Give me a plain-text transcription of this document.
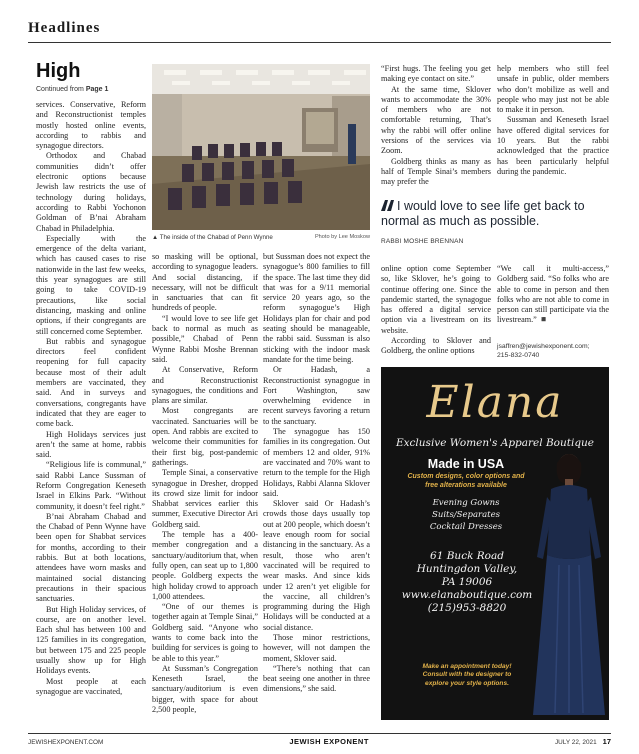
Headlines
High
Continued from Page 1

services. Conservative, Reform and Reconstructionist temples mostly hosted online events, according to rabbis and synagogue directors.

Orthodox and Chabad communities didn’t offer electronic options because Jewish law restricts the use of technology during holidays, according to Rabbi Yochonon Goldman of B’nai Abraham Chabad in Philadelphia.

Especially with the emergence of the delta variant, which has caused cases to rise nationwide in the last few weeks, this year synagogues are still going to take COVID-19 precautions, like social distancing, masking and online options, if their congregants are still concerned come September.

But rabbis and synagogue directors feel confident reopening for full capacity because most of their adult members are vaccinated, they said. And in surveys and conversations, congregants have indicated that they are eager to come back.

High Holidays services just aren’t the same at home, rabbis said.

“Religious life is communal,” said Rabbi Lance Sussman of Reform Congregation Keneseth Israel in Elkins Park. “Without community, it doesn’t feel right.”

B’nai Abraham Chabad and the Chabad of Penn Wynne have been open for Shabbat services for months, according to their rabbis. But at both locations, attendees have worn masks and maintained social distancing precautions in their spacious sanctuaries.

But High Holiday services, of course, are on another level. Each shul has between 100 and 125 families in its congregation, but between 175 and 225 people usually show up for High Holidays events.

Most people at each synagogue are vaccinated,

▲ The inside of the Chabad of Penn Wynne	Photo by Lee Moskow

so masking will be optional, according to synagogue leaders. And social distancing, if necessary, will not be difficult in sanctuaries that can fit hundreds of people.

“I would love to see life get back to normal as much as possible,” Chabad of Penn Wynne Rabbi Moshe Brennan said.

At Conservative, Reform and Reconstructionist synagogues, the conditions and plans are similar.

Most congregants are vaccinated. Sanctuaries will be open. And rabbis are excited to welcome their communities for their first big, post-pandemic gatherings.

Temple Sinai, a conservative synagogue in Dresher, dropped its crowd size limit for indoor Shabbat services earlier this summer, Executive Director Ari Goldberg said.

The temple has a 400-member congregation and a sanctuary/auditorium that, when fully open, can seat up to 1,800 people. Goldberg expects the high holiday crowd to approach 1,000 attendees.

“One of our themes is together again at Temple Sinai,” Goldberg said. “Anyone who wants to come back into the building for services is going to be able to this year.”

At Sussman’s Congregation Keneseth Israel, the sanctuary/auditorium is even bigger, with space for about 2,500 people,

but Sussman does not expect the synagogue’s 800 families to fill the space. The last time they did that was for a 9/11 memorial service 20 years ago, so the reform synagogue’s High Holidays plan for chair and pod seating should be manageable, the rabbi said. Sussman is also sticking with the indoor mask mandate for the time being.

Or Hadash, a Reconstructionist synagogue in Fort Washington, saw overwhelming evidence in recent surveys favoring a return to the sanctuary.

The synagogue has 150 families in its congregation. Out of members 12 and older, 91% are vaccinated and 70% want to return to the temple for the High Holidays, Rabbi Alanna Sklover said.

Sklover said Or Hadash’s crowds those days usually top out at 200 people, which doesn’t leave enough room for social distancing in the sanctuary. As a result, those who aren’t vaccinated will be required to wear masks. And since kids under 12 aren’t yet eligible for the vaccine, all children’s programming during the High Holidays will be conducted at a social distance.

Those minor restrictions, however, will not dampen the moment, Sklover said.

“There’s nothing that can beat seeing one another in three dimensions,” she said.

“First hugs. The feeling you get making eye contact on site.”

At the same time, Sklover wants to accommodate the 30% of members who are not comfortable returning, That’s why the rabbi will offer online versions of the services via Zoom.

Goldberg thinks as many as half of Temple Sinai’s members may prefer the

help members who still feel unsafe in public, older members who don’t mobilize as well and people who may just not be able to make it in person.

Sussman and Keneseth Israel have offered digital services for 10 years. But the rabbi acknowledged that the practice has been particularly helpful during the pandemic.

I would love to see life get back to normal as much as possible.
RABBI MOSHE BRENNAN

online option come September so, like Sklover, he’s going to continue offering one. Since the pandemic started, the synagogue has offered a digital service option via a livestream on its website.

According to Sklover and Goldberg, the online options

“We call it multi-access,” Goldberg said. “So folks who are able to come in person and then folks who are not able to come in person can still participate via the livestream.” ◾

jsaffren@jewishexponent.com;
215-832-0740
Elana
Exclusive Women's Apparel Boutique
Made in USA
Custom designs, color options and
free alterations available
Evening Gowns
Suits/Separates
Cocktail Dresses
61 Buck Road
Huntingdon Valley,
PA 19006
www.elanaboutique.com
(215)953-8820
Make an appointment today!
Consult with the designer to
explore your style options.
JEWISHEXPONENT.COM	JEWISH EXPONENT	JULY 22, 2021 17
